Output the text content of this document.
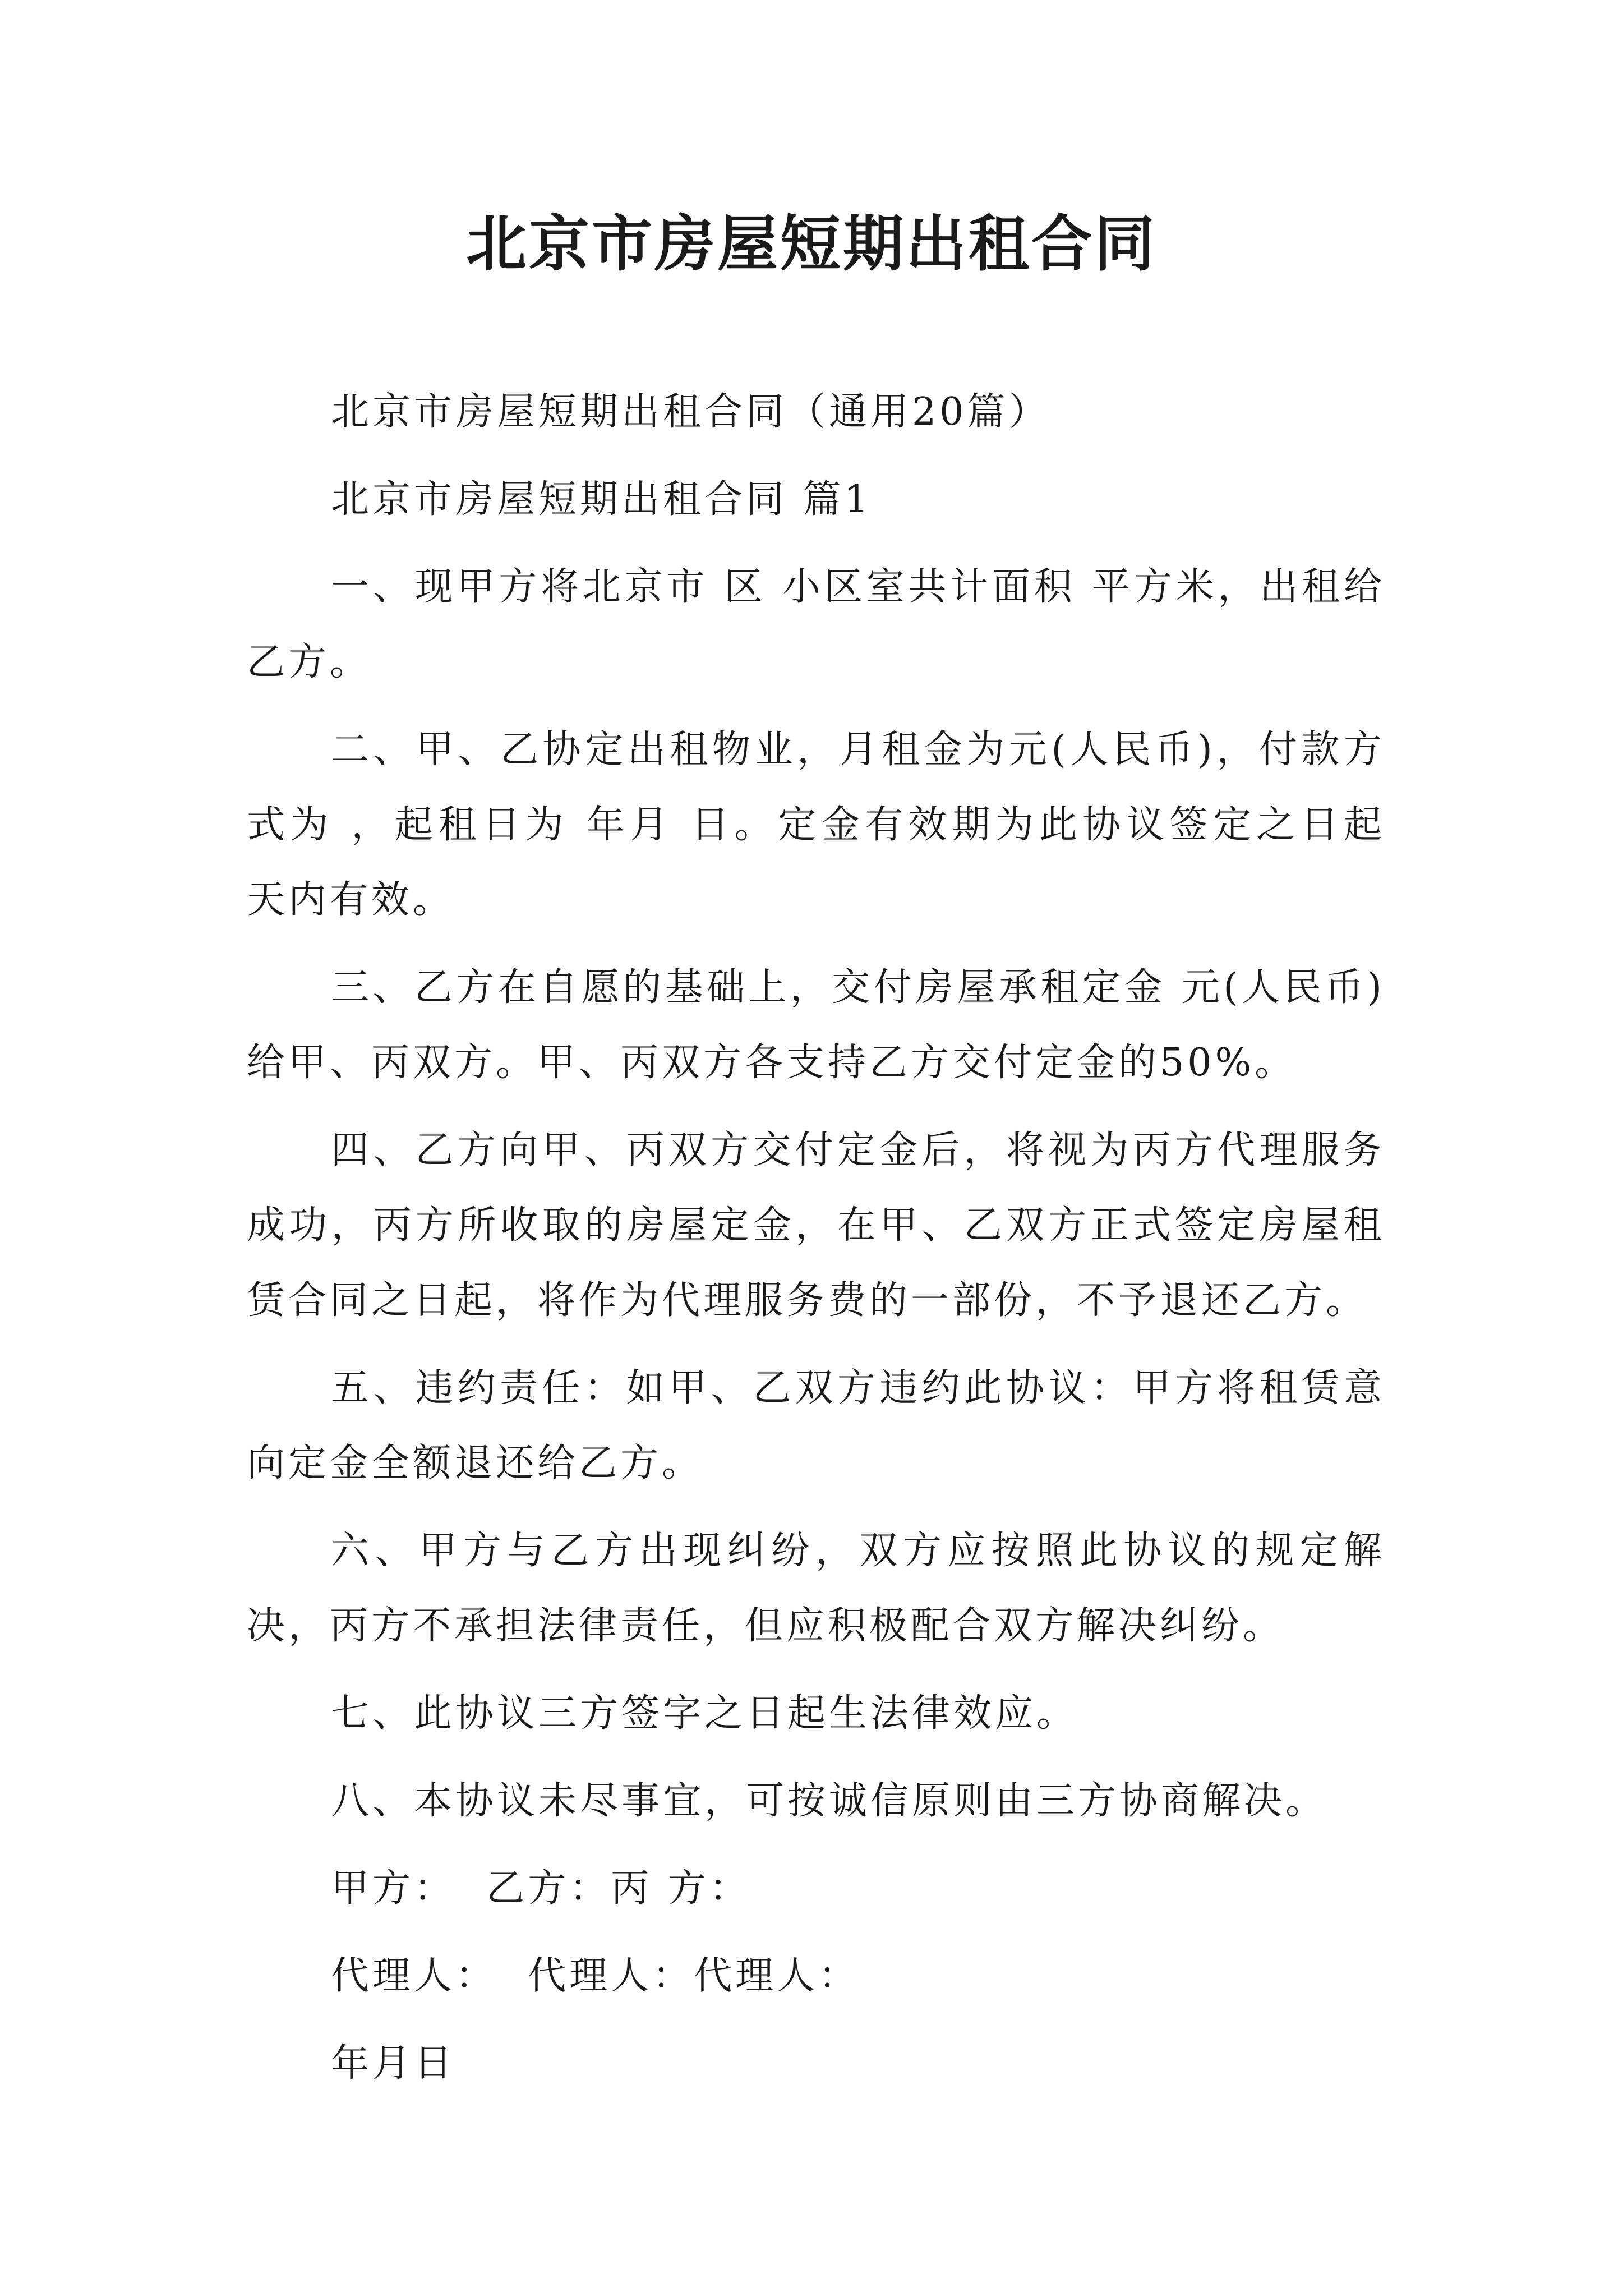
北京市房屋短期出租合同

北京市房屋短期出租合同（通用20篇）

北京市房屋短期出租合同 篇1

一、现甲方将北京市 区 小区室共计面积 平方米，出租给乙方。

二、甲、乙协定出租物业，月租金为元(人民币)，付款方式为 ，起租日为 年月 日。定金有效期为此协议签定之日起 天内有效。

三、乙方在自愿的基础上，交付房屋承租定金 元(人民币)给甲、丙双方。甲、丙双方各支持乙方交付定金的50%。

四、乙方向甲、丙双方交付定金后，将视为丙方代理服务成功，丙方所收取的房屋定金，在甲、乙双方正式签定房屋租赁合同之日起，将作为代理服务费的一部份，不予退还乙方。

五、违约责任：如甲、乙双方违约此协议：甲方将租赁意向定金全额退还给乙方。

六、甲方与乙方出现纠纷，双方应按照此协议的规定解决，丙方不承担法律责任，但应积极配合双方解决纠纷。

七、此协议三方签字之日起生法律效应。

八、本协议未尽事宜，可按诚信原则由三方协商解决。

甲方：  乙方：丙 方：

代理人：  代理人：代理人：

年月日
